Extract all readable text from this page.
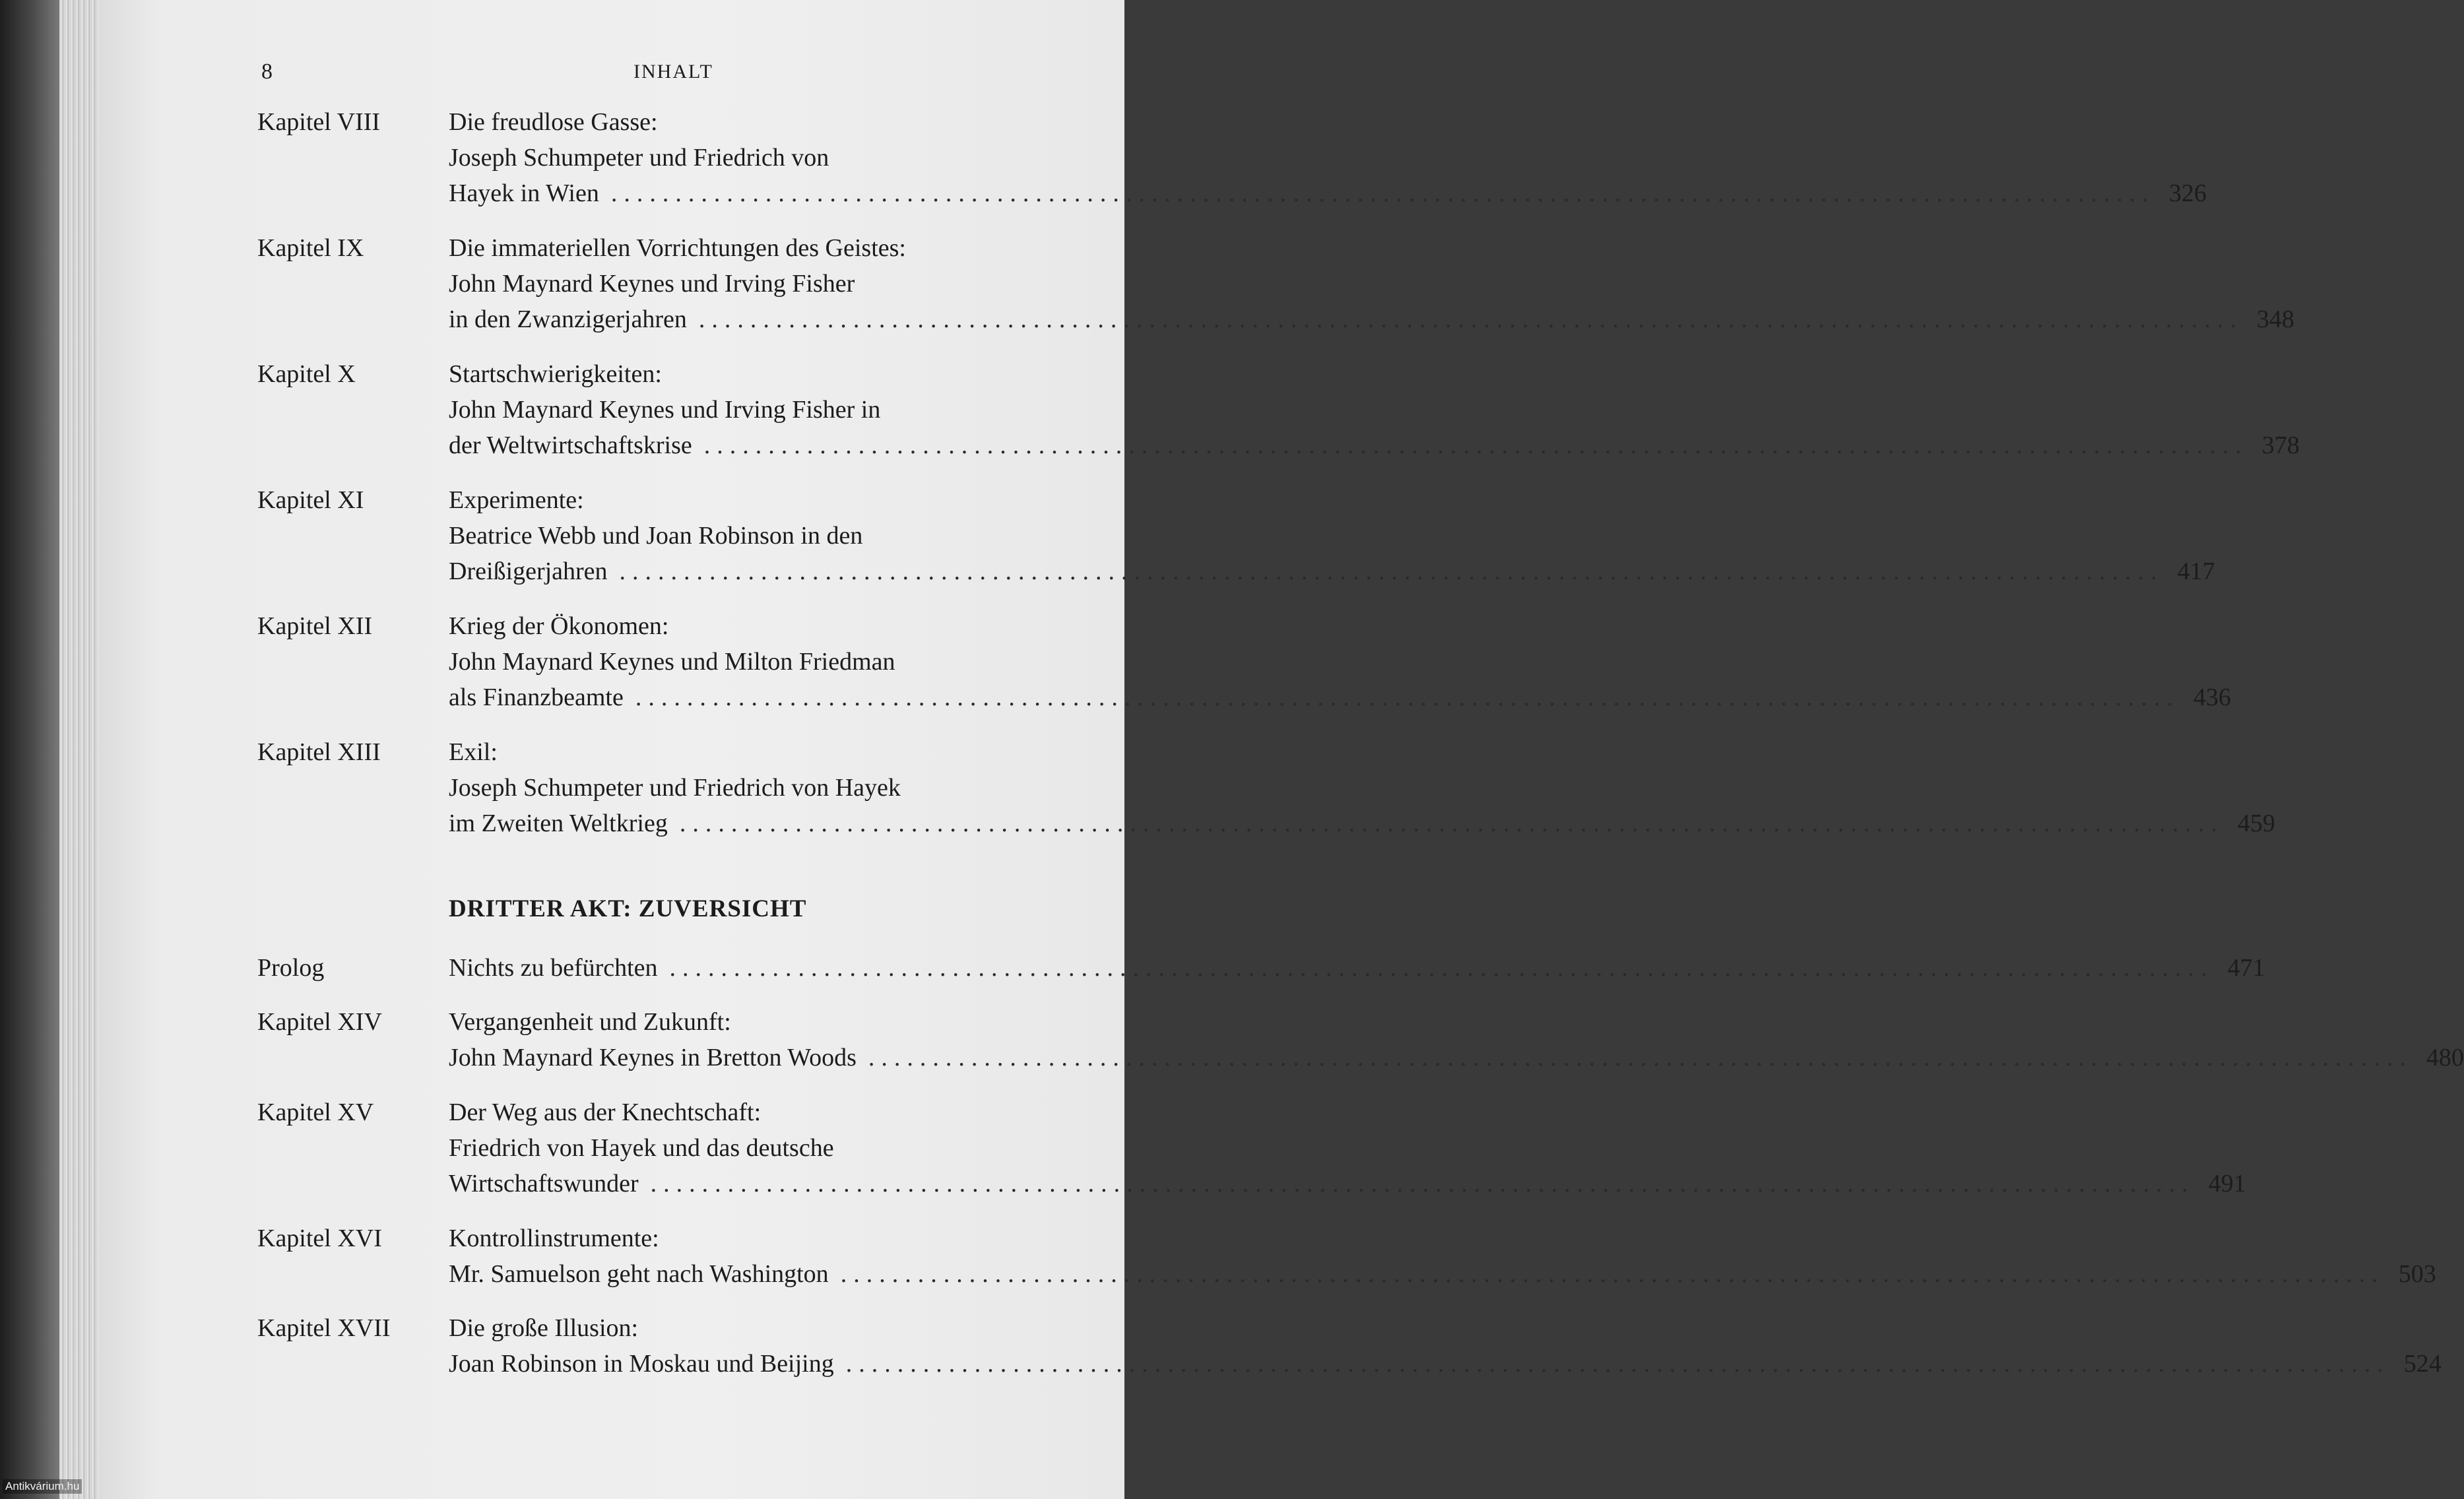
8	INHALT
Kapitel VIII	Die freudlose Gasse:
Joseph Schumpeter und Friedrich von
Hayek in Wien ........................................................................................................................ 326
Kapitel IX	Die immateriellen Vorrichtungen des Geistes:
John Maynard Keynes und Irving Fisher
in den Zwanzigerjahren ........................................................................................................................ 348
Kapitel X	Startschwierigkeiten:
John Maynard Keynes und Irving Fisher in
der Weltwirtschaftskrise ........................................................................................................................ 378
Kapitel XI	Experimente:
Beatrice Webb und Joan Robinson in den
Dreißigerjahren ........................................................................................................................ 417
Kapitel XII	Krieg der Ökonomen:
John Maynard Keynes und Milton Friedman
als Finanzbeamte ........................................................................................................................ 436
Kapitel XIII	Exil:
Joseph Schumpeter und Friedrich von Hayek
im Zweiten Weltkrieg ........................................................................................................................ 459
DRITTER AKT: ZUVERSICHT
Prolog	Nichts zu befürchten ........................................................................................................................ 471
Kapitel XIV	Vergangenheit und Zukunft:
John Maynard Keynes in Bretton Woods ........................................................................................................................ 480
Kapitel XV	Der Weg aus der Knechtschaft:
Friedrich von Hayek und das deutsche
Wirtschaftswunder ........................................................................................................................ 491
Kapitel XVI	Kontrollinstrumente:
Mr. Samuelson geht nach Washington ........................................................................................................................ 503
Kapitel XVII	Die große Illusion:
Joan Robinson in Moskau und Beijing ........................................................................................................................ 524
Antikvárium.hu
